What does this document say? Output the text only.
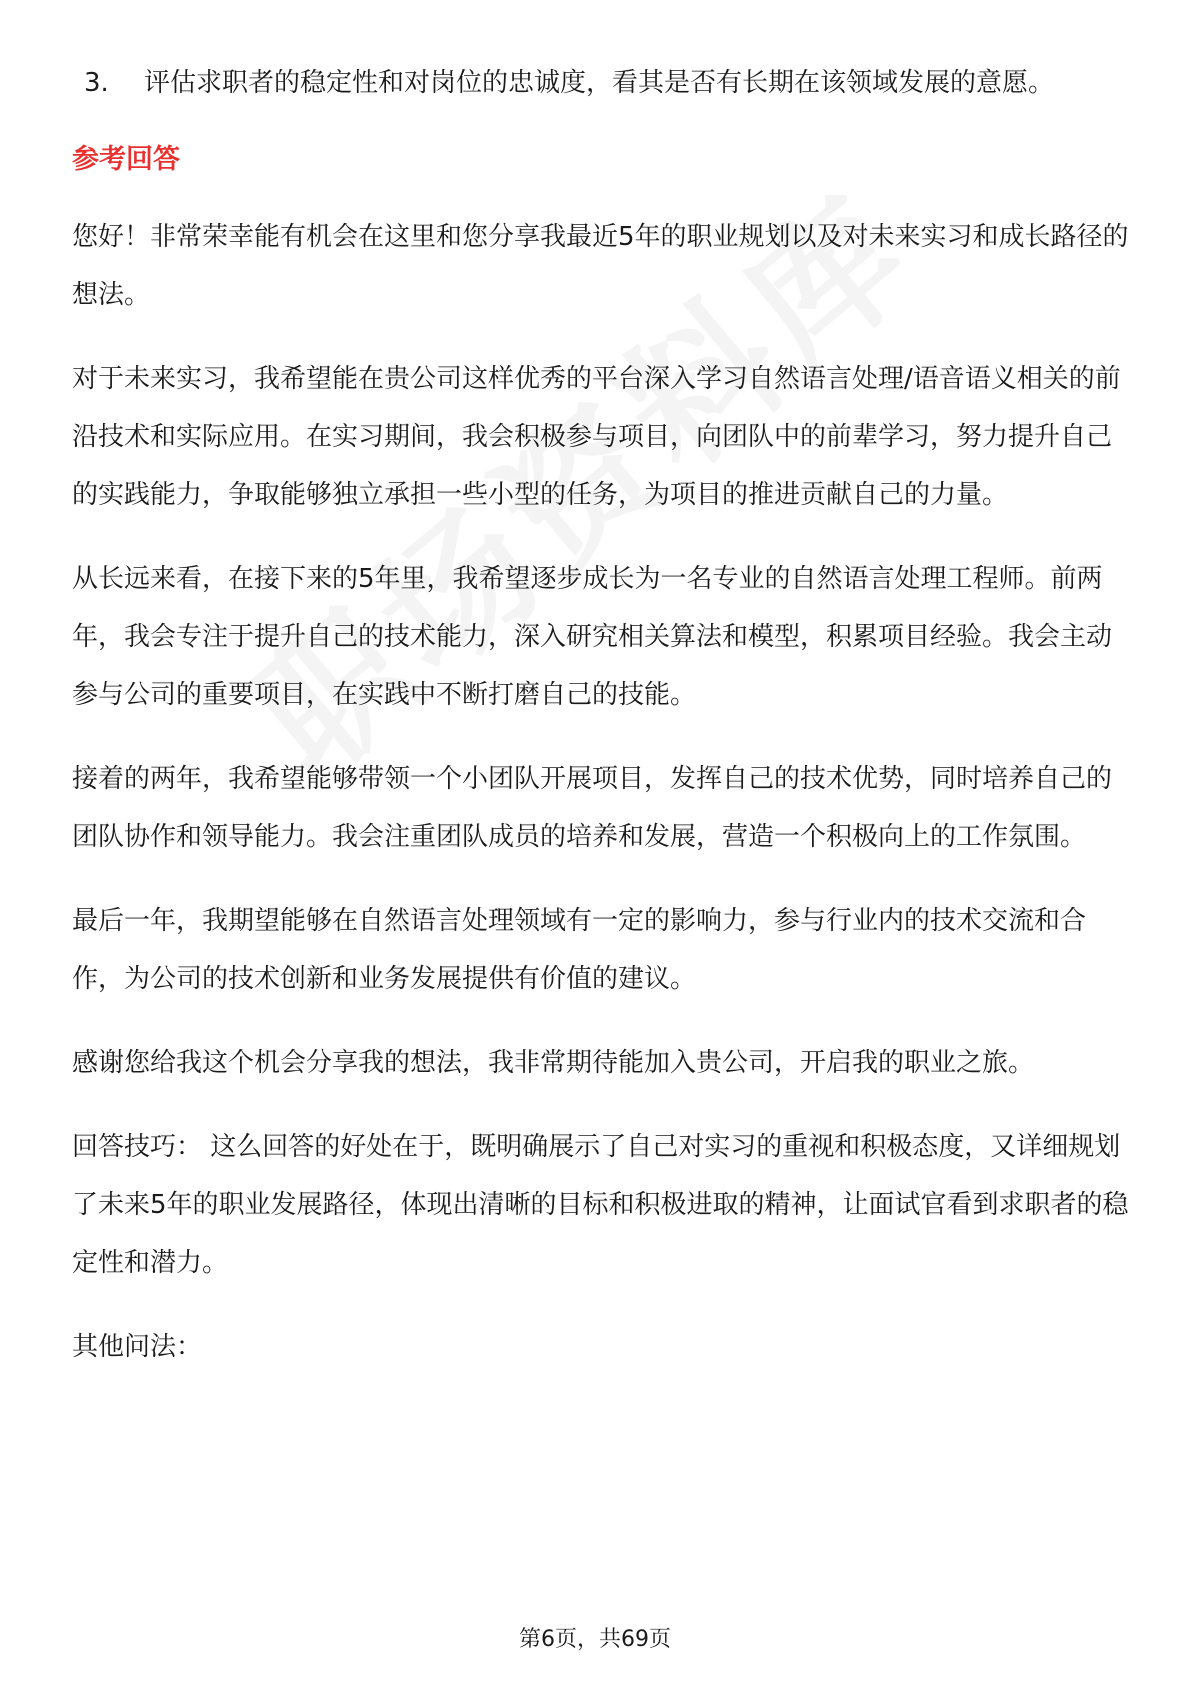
3.	评估求职者的稳定性和对岗位的忠诚度，看其是否有长期在该领域发展的意愿。
参考回答

您好！非常荣幸能有机会在这里和您分享我最近5年的职业规划以及对未来实习和成长路径的想法。

对于未来实习，我希望能在贵公司这样优秀的平台深入学习自然语言处理/语音语义相关的前沿技术和实际应用。在实习期间，我会积极参与项目，向团队中的前辈学习，努力提升自己的实践能力，争取能够独立承担一些小型的任务，为项目的推进贡献自己的力量。

从长远来看，在接下来的5年里，我希望逐步成长为一名专业的自然语言处理工程师。前两年，我会专注于提升自己的技术能力，深入研究相关算法和模型，积累项目经验。我会主动参与公司的重要项目，在实践中不断打磨自己的技能。

接着的两年，我希望能够带领一个小团队开展项目，发挥自己的技术优势，同时培养自己的团队协作和领导能力。我会注重团队成员的培养和发展，营造一个积极向上的工作氛围。

最后一年，我期望能够在自然语言处理领域有一定的影响力，参与行业内的技术交流和合作，为公司的技术创新和业务发展提供有价值的建议。

感谢您给我这个机会分享我的想法，我非常期待能加入贵公司，开启我的职业之旅。

回答技巧： 这么回答的好处在于，既明确展示了自己对实习的重视和积极态度，又详细规划了未来5年的职业发展路径，体现出清晰的目标和积极进取的精神，让面试官看到求职者的稳定性和潜力。

其他问法：

第6页，共69页
